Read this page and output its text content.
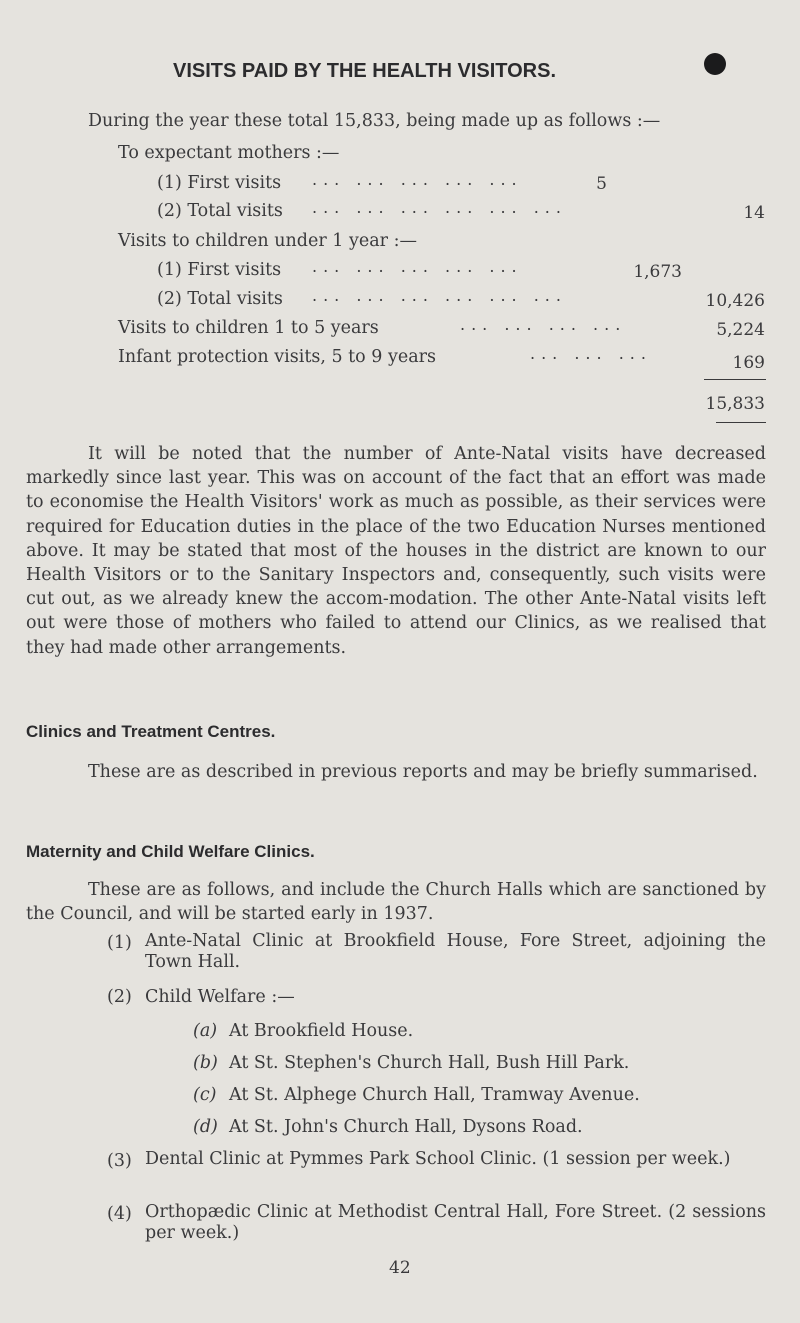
VISITS PAID BY THE HEALTH VISITORS.
During the year these total 15,833, being made up as follows :—
To expectant mothers :—
(1) First visits ... ... ... ... ...	5
(2) Total visits ... ... ... ... ... ...	14
Visits to children under 1 year :—
(1) First visits ... ... ... ... ...	1,673
(2) Total visits ... ... ... ... ... ...	10,426
Visits to children 1 to 5 years	... ... ... ...	5,224
Infant protection visits, 5 to 9 years	... ... ...	169
15,833
It will be noted that the number of Ante-Natal visits have decreased markedly since last year. This was on account of the fact that an effort was made to economise the Health Visitors' work as much as possible, as their services were required for Education duties in the place of the two Education Nurses mentioned above. It may be stated that most of the houses in the district are known to our Health Visitors or to the Sanitary Inspectors and, consequently, such visits were cut out, as we already knew the accom-modation. The other Ante-Natal visits left out were those of mothers who failed to attend our Clinics, as we realised that they had made other arrangements.
Clinics and Treatment Centres.
These are as described in previous reports and may be briefly summarised.
Maternity and Child Welfare Clinics.
These are as follows, and include the Church Halls which are sanctioned by the Council, and will be started early in 1937.
(1) Ante-Natal Clinic at Brookfield House, Fore Street, adjoining the Town Hall.
(2) Child Welfare :—
(a) At Brookfield House.
(b) At St. Stephen's Church Hall, Bush Hill Park.
(c) At St. Alphege Church Hall, Tramway Avenue.
(d) At St. John's Church Hall, Dysons Road.
(3) Dental Clinic at Pymmes Park School Clinic. (1 session per week.)
(4) Orthopædic Clinic at Methodist Central Hall, Fore Street. (2 sessions per week.)
42
